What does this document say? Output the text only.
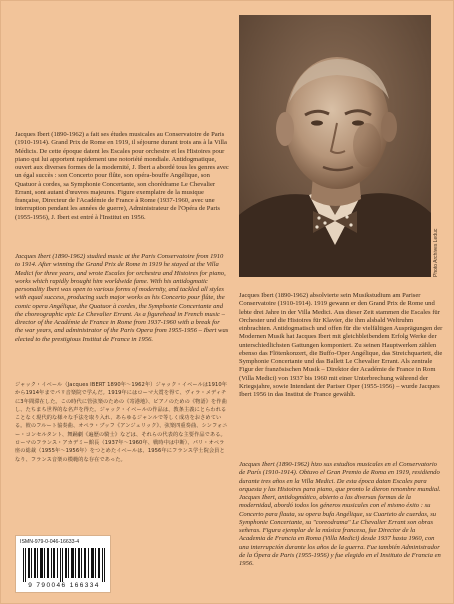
Photo Archives Leduc

Jacques Ibert (1890-1962) a fait ses études musicales au Conservatoire de Paris (1910-1914). Grand Prix de Rome en 1919, il séjourne durant trois ans à la Villa Médicis. De cette époque datent les Escales pour orchestre et les Histoires pour piano qui lui apportent rapidement une notoriété mondiale. Antidogmatique, ouvert aux diverses formes de la modernité, J. Ibert a abordé tous les genres avec un égal succès : son Concerto pour flûte, son opéra-bouffe Angélique, son Quatuor à cordes, sa Symphonie Concertante, son chorédrame Le Chevalier Errant, sont autant d'œuvres majeures. Figure exemplaire de la musique française, Directeur de l'Académie de France à Rome (1937-1960, avec une interruption pendant les années de guerre), Administrateur de l'Opéra de Paris (1955-1956), J. Ibert est entré à l'Institut en 1956.

Jacques Ibert (1890-1962) studied music at the Paris Conservatoire from 1910 to 1914. After winning the Grand Prix de Rome in 1919 he stayed at the Villa Medici for three years, and wrote Escales for orchestra and Histoires for piano, works which rapidly brought him worldwide fame. With his antidogmatic personality Ibert was open to various forms of modernity, and tackled all styles with equal success, producing such major works as his Concerto pour flûte, the comic opera Angélique, the Quatuor à cordes, the Symphonie Concertante and the choreographic epic Le Chevalier Errant. As a figurehead in French music – director of the Académie de France in Rome from 1937-1960 with a break for the war years, and administrator of the Paris Opera from 1955-1956 – Ibert was elected to the prestigious Institut de France in 1956.

ジャック・イベール（Jacques IBERT 1890年〜1962年）ジャック・イベールは1910年から1914年までパリ音楽院で学んだ。1919年にはローマ大賞を得て、ヴィラ・メディチに3年間滞在した。この時代に管弦楽のための《寄港地》、ピアノのための《物語》を作曲し、たちまち世界的な名声を得た。ジャック・イベールの作品は、教条主義にとらわれることなく現代的な様々な手法を取り入れ、あらゆるジャンルで等しく成功をおさめている。彼のフルート協奏曲、オペラ・ブッフ《アンジェリック》、弦楽四重奏曲、シンフォニー・コンセルタント、舞踊劇《遍歴の騎士》などは、それらの代表的な主要作品である。ローマのフランス・アカデミー館長（1937年〜1960年、戦時中は中断）、パリ・オペラ座の総裁（1955年〜1956年）をつとめたイベールは、1956年にフランス学士院会員となり、フランス音楽の模範的な存在であった。

Jacques Ibert (1890-1962) absolvierte sein Musikstudium am Pariser Conservatoire (1910-1914). 1919 gewann er den Grand Prix de Rome und lebte drei Jahre in der Villa Medici. Aus dieser Zeit stammen die Escales für Orchester und die Histoires für Klavier, die ihm alsbald Weltruhm einbrachten. Antidogmatisch und offen für die vielfältigen Ausprägungen der Modernen Musik hat Jacques Ibert mit gleichbleibendem Erfolg Werke der unterschiedlichsten Gattungen komponiert. Zu seinen Hauptwerken zählen ebenso das Flötenkonzert, die Buffo-Oper Angélique, das Streichquartett, die Symphonie Concertante und das Ballett Le Chevalier Errant. Als zentrale Figur der französischen Musik – Direktor der Académie de France in Rom (Villa Medici) von 1937 bis 1960 mit einer Unterbrechung während der Kriegsjahre, sowie Intendant der Pariser Oper (1955-1956) – wurde Jacques Ibert 1956 in das Institut de France gewählt.

Jacques Ibert (1890-1962) hizo sus estudios musicales en el Conservatorio de París (1910-1914). Obtuvo el Gran Premio de Roma en 1919, residiendo durante tres años en la Villa Medici. De esta época datan Escales para orquesta y las Histoires para piano, que pronto le dieron renombre mundial. Jacques Ibert, antidogmático, abierto a las diversas formas de la modernidad, abordó todos los géneros musicales con el mismo éxito : su Concerto para flauta, su opera bufa Angélique, su Cuarteto de cuerdas, su Symphonie Concertante, su "coreodrama" Le Chevalier Errant son obras señeras. Figura ejemplar de la música francesa, fue Director de la Academia de Francia en Roma (Villa Medici) desde 1937 hasta 1960, con una interrupción durante los años de la guerra. Fue también Administrador de la Ópera de Paris (1955-1956) y fue elegido en el Instituto de Francia en 1956.

ISMN-979-0-046-16633-4
9 790046 166334
